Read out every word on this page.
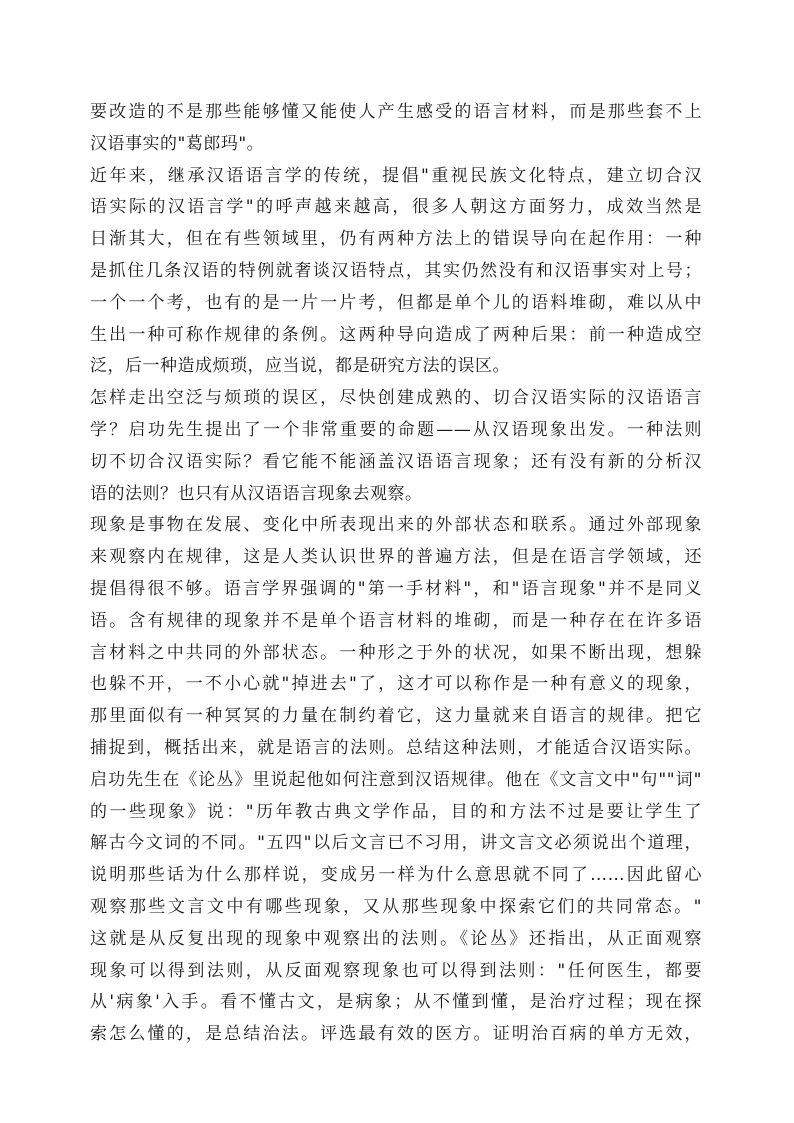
要改造的不是那些能够懂又能使人产生感受的语言材料，而是那些套不上
汉语事实的"葛郎玛"。
近年来，继承汉语语言学的传统，提倡"重视民族文化特点，建立切合汉
语实际的汉语言学"的呼声越来越高，很多人朝这方面努力，成效当然是
日渐其大，但在有些领域里，仍有两种方法上的错误导向在起作用：一种
是抓住几条汉语的特例就奢谈汉语特点，其实仍然没有和汉语事实对上号；
一个一个考，也有的是一片一片考，但都是单个儿的语料堆砌，难以从中
生出一种可称作规律的条例。这两种导向造成了两种后果：前一种造成空
泛，后一种造成烦琐，应当说，都是研究方法的误区。
怎样走出空泛与烦琐的误区，尽快创建成熟的、切合汉语实际的汉语语言
学？启功先生提出了一个非常重要的命题——从汉语现象出发。一种法则
切不切合汉语实际？看它能不能涵盖汉语语言现象；还有没有新的分析汉
语的法则？也只有从汉语语言现象去观察。
现象是事物在发展、变化中所表现出来的外部状态和联系。通过外部现象
来观察内在规律，这是人类认识世界的普遍方法，但是在语言学领域，还
提倡得很不够。语言学界强调的"第一手材料"，和"语言现象"并不是同义
语。含有规律的现象并不是单个语言材料的堆砌，而是一种存在在许多语
言材料之中共同的外部状态。一种形之于外的状况，如果不断出现，想躲
也躲不开，一不小心就"掉进去"了，这才可以称作是一种有意义的现象，
那里面似有一种冥冥的力量在制约着它，这力量就来自语言的规律。把它
捕捉到，概括出来，就是语言的法则。总结这种法则，才能适合汉语实际。
启功先生在《论丛》里说起他如何注意到汉语规律。他在《文言文中"句""词"
的一些现象》说："历年教古典文学作品，目的和方法不过是要让学生了
解古今文词的不同。"五四"以后文言已不习用，讲文言文必须说出个道理，
说明那些话为什么那样说，变成另一样为什么意思就不同了……因此留心
观察那些文言文中有哪些现象，又从那些现象中探索它们的共同常态。"
这就是从反复出现的现象中观察出的法则。《论丛》还指出，从正面观察
现象可以得到法则，从反面观察现象也可以得到法则："任何医生，都要
从'病象'入手。看不懂古文，是病象；从不懂到懂，是治疗过程；现在探
索怎么懂的，是总结治法。评选最有效的医方。证明治百病的单方无效，
